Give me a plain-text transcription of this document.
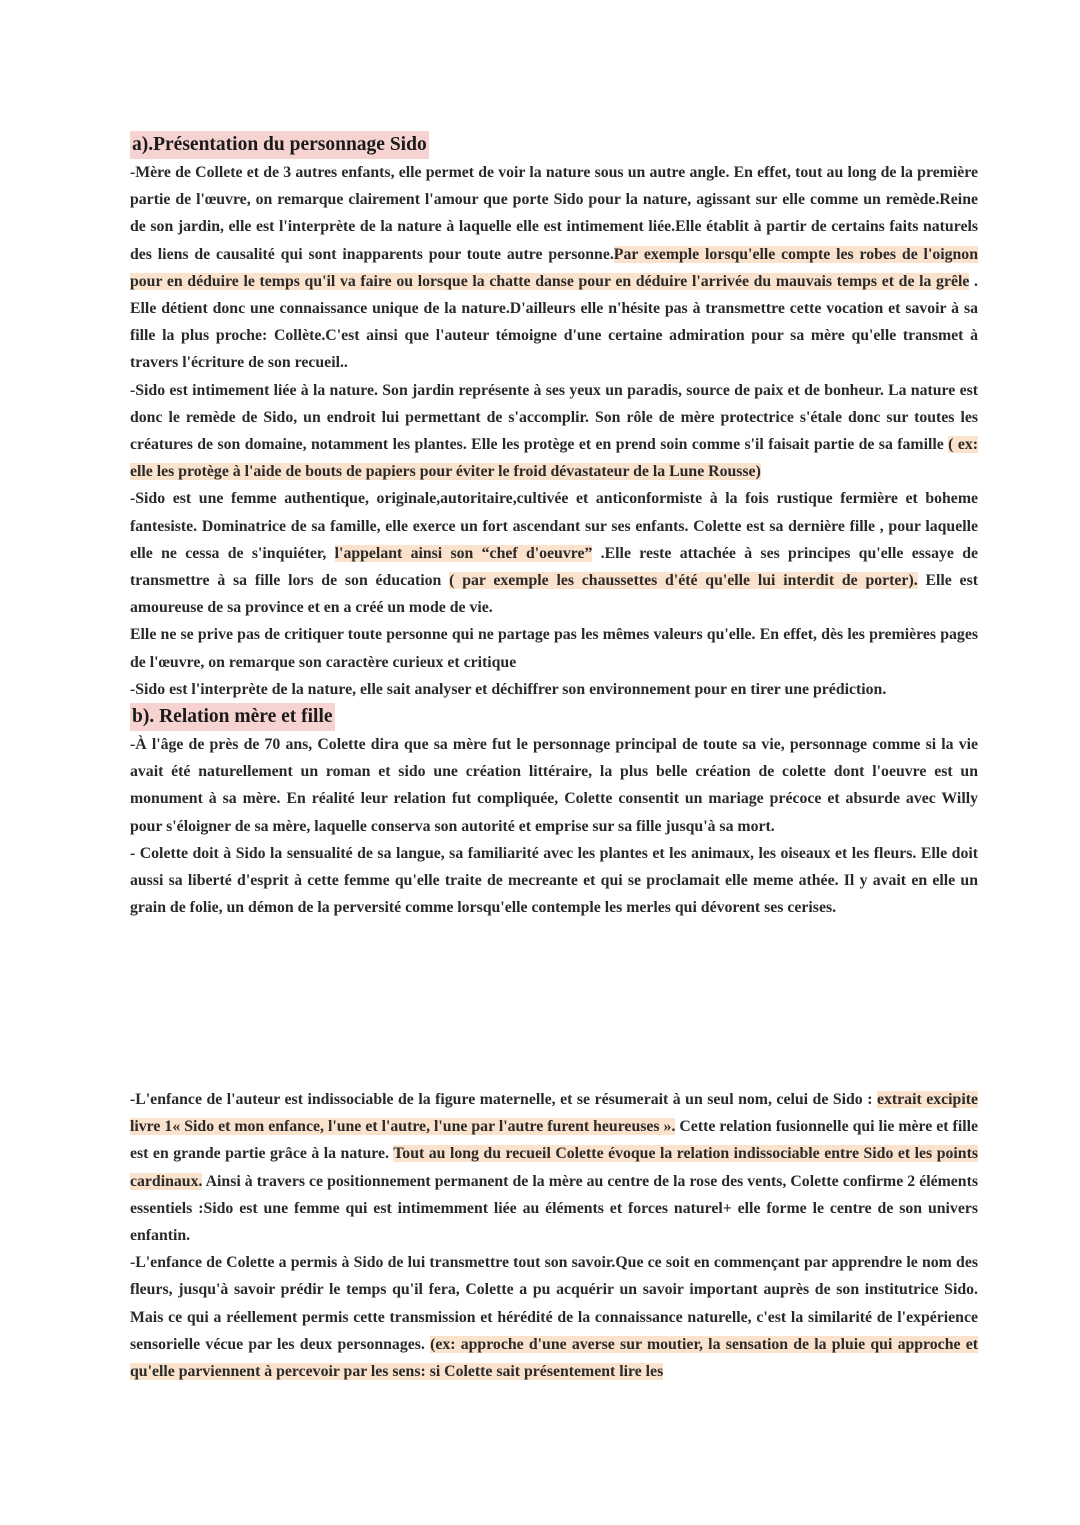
a).Présentation du personnage Sido

-Mère de Collete et de 3 autres enfants, elle permet de voir la nature sous un autre angle. En effet, tout au long de la première partie de l'œuvre, on remarque clairement l'amour que porte Sido pour la nature, agissant sur elle comme un remède.Reine de son jardin, elle est l'interprète de la nature à laquelle elle est intimement liée.Elle établit à partir de certains faits naturels des liens de causalité qui sont inapparents pour toute autre personne.Par exemple lorsqu'elle compte les robes de l'oignon pour en déduire le temps qu'il va faire ou lorsque la chatte danse pour en déduire l'arrivée du mauvais temps et de la grêle . Elle détient donc une connaissance unique de la nature.D'ailleurs elle n'hésite pas à transmettre cette vocation et savoir à sa fille la plus proche: Collète.C'est ainsi que l'auteur témoigne d'une certaine admiration pour sa mère qu'elle transmet à travers l'écriture de son recueil..

-Sido est intimement liée à la nature. Son jardin représente à ses yeux un paradis, source de paix et de bonheur. La nature est donc le remède de Sido, un endroit lui permettant de s'accomplir. Son rôle de mère protectrice s'étale donc sur toutes les créatures de son domaine, notamment les plantes. Elle les protège et en prend soin comme s'il faisait partie de sa famille ( ex: elle les protège à l'aide de bouts de papiers pour éviter le froid dévastateur de la Lune Rousse)

-Sido est une femme authentique, originale,autoritaire,cultivée et anticonformiste à la fois rustique fermière et boheme fantesiste. Dominatrice de sa famille, elle exerce un fort ascendant sur ses enfants. Colette est sa dernière fille , pour laquelle elle ne cessa de s'inquiéter, l'appelant ainsi son “chef d'oeuvre” .Elle reste attachée à ses principes qu'elle essaye de transmettre à sa fille lors de son éducation ( par exemple les chaussettes d'été qu'elle lui interdit de porter). Elle est amoureuse de sa province et en a créé un mode de vie.

Elle ne se prive pas de critiquer toute personne qui ne partage pas les mêmes valeurs qu'elle. En effet, dès les premières pages de l'œuvre, on remarque son caractère curieux et critique

-Sido est l'interprète de la nature, elle sait analyser et déchiffrer son environnement pour en tirer une prédiction.

b). Relation mère et fille

-À l'âge de près de 70 ans, Colette dira que sa mère fut le personnage principal de toute sa vie, personnage comme si la vie avait été naturellement un roman et sido une création littéraire, la plus belle création de colette dont l'oeuvre est un monument à sa mère. En réalité leur relation fut compliquée, Colette consentit un mariage précoce et absurde avec Willy pour s'éloigner de sa mère, laquelle conserva son autorité et emprise sur sa fille jusqu'à sa mort.

- Colette doit à Sido la sensualité de sa langue, sa familiarité avec les plantes et les animaux, les oiseaux et les fleurs. Elle doit aussi sa liberté d'esprit à cette femme qu'elle traite de mecreante et qui se proclamait elle meme athée. Il y avait en elle un grain de folie, un démon de la perversité comme lorsqu'elle contemple les merles qui dévorent ses cerises.

-L'enfance de l'auteur est indissociable de la figure maternelle, et se résumerait à un seul nom, celui de Sido : extrait excipite livre 1« Sido et mon enfance, l'une et l'autre, l'une par l'autre furent heureuses ». Cette relation fusionnelle qui lie mère et fille est en grande partie grâce à la nature. Tout au long du recueil Colette évoque la relation indissociable entre Sido et les points cardinaux. Ainsi à travers ce positionnement permanent de la mère au centre de la rose des vents, Colette confirme 2 éléments essentiels :Sido est une femme qui est intimemment liée au éléments et forces naturel+ elle forme le centre de son univers enfantin.

-L'enfance de Colette a permis à Sido de lui transmettre tout son savoir.Que ce soit en commençant par apprendre le nom des fleurs, jusqu'à savoir prédir le temps qu'il fera, Colette a pu acquérir un savoir important auprès de son institutrice Sido. Mais ce qui a réellement permis cette transmission et hérédité de la connaissance naturelle, c'est la similarité de l'expérience sensorielle vécue par les deux personnages. (ex: approche d'une averse sur moutier, la sensation de la pluie qui approche et qu'elle parviennent à percevoir par les sens: si Colette sait présentement lire les
